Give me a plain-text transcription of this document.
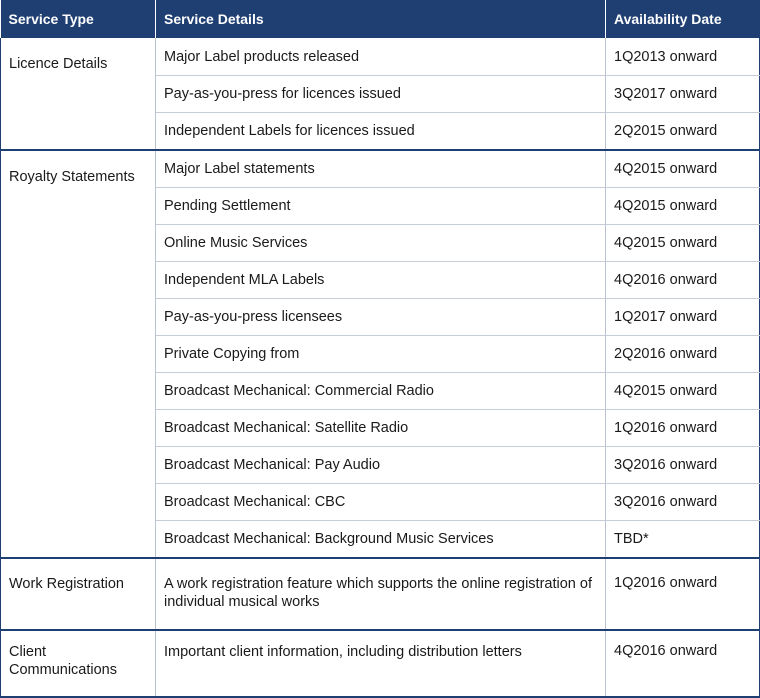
Service Type	Service Details	Availability Date
Licence Details	Major Label products released	1Q2013 onward
	Pay-as-you-press for licences issued	3Q2017 onward
	Independent Labels for licences issued	2Q2015 onward
Royalty Statements	Major Label statements	4Q2015 onward
	Pending Settlement	4Q2015 onward
	Online Music Services	4Q2015 onward
	Independent MLA Labels	4Q2016 onward
	Pay-as-you-press licensees	1Q2017 onward
	Private Copying from	2Q2016 onward
	Broadcast Mechanical: Commercial Radio	4Q2015 onward
	Broadcast Mechanical: Satellite Radio	1Q2016 onward
	Broadcast Mechanical: Pay Audio	3Q2016 onward
	Broadcast Mechanical: CBC	3Q2016 onward
	Broadcast Mechanical: Background Music Services	TBD*
Work Registration	A work registration feature which supports the online registration of individual musical works	1Q2016 onward
Client Communications	Important client information, including distribution letters	4Q2016 onward
